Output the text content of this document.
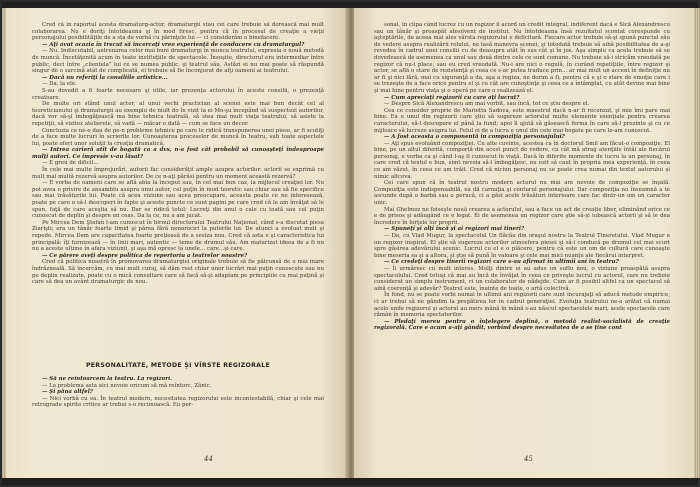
Cred că în raportul acesta dramaturg-actor, dramaturgii stau cei care trebuie să dorească mai mult colaborarea. Nu e doriţi întotdeauna şi în mod firesc, pentru că în procesul de creaţie a vieţii personajului posibilităţile de a sta de vorbă cu părinţele lui — ci considerăm o binefacere.

— Aţi avut ocazia în trecut să încercaţi vreo experienţă de conducere cu dramaturgul?

— Nu. Indiscutabil, antrenarea celor mai buni dramaturgi în munca teatrului, expresia o nouă metodă de muncă. Încetăţenită acum în toate instituţiile de spectacole. Însuşite, directorul era intermediar între public, deci între „clientela” lui ce se numea public, şi teatrul său. Astăzi ei nu mai poate să răspundă singur de o sarcină atât de complicată, ei trebuie să fie înconjurat de alţi oameni ai teatrului.

— Dacă nu referiţi la consiliile artistice...

— Da, la ele.

S-au dovedit a fi foarte necesare şi utile, iar prezenţa actorului în aceste consilii, o prezenţă creatoare.

De multe ori stând unul actor, al unui vechi practician al scenei este mai bun decât cel al teoreticianului şi dramaturgii au exemplu de mult do în vizit la ei Mo-şu începând să suspectezi autorilor, dacă vor să-şi îmbogăţească ma bine tehnica teatrală, să stea mai mult viaţa teatrului, să asiste la repetiţii, să vizitez atelierele, să vadă — măcar o dată — cum se face un decor.

Concluzia ce ne-o dau de pe-n probleme tehnice pe care le ridică transpunerea unei piese, ar fi scutiţi de a face multe lucruri în scrierile lor. Cunoaşterea proceselor de muncă în teatru, sub toate aspectele lui, poate oferi unor soluţii la creaţia dramatică.

— Intrea carieră atît de bogată ca a dvs, n-a fost cât probabil să cunoaşteţi îndeaproape mulţi autori. Ce impresie v-au lăsat?

— E greu de dificil...

În cele mai multe împrejurări, autorii fac considerăţii ample asupra actorilor: actorii se exprimă cu mult mai multă rezervă asupra autorilor. De ce n-aţi părăsi pentru un moment această rezervă?

— E vorba de oameni care se află abia la început sau, în cel mai bun caz, la mijlocul creaţiei lor. Nu pot avea o privire de ansamblu asupra unui autor, cel puţin în mod teoretic sau chiar sau să fie specifice sau mai trăsăturile lui. Poate că acea viziune sau acea preocupare, aceasta poate ce ne interesează, poate pe care o să-l descoperi în fapte şi aceste puncte ce sunt pagini pe care cred că le am învăţat să le spun, faţă de care aceştia să nu. Dar se ridică totul: Lucreţi din anul o cale cu toată sau cel puţin cunoscut de deplin şi despre un ceas. Da la ce, nu a am jucat.

Pe Mircea Dem Ştefan l-am cunoscut în biroul directorului Teatrului Naţional, când s-a discutat piesa Ziarişti; era un tânăr foarte timid şi părea fără nenorociri la puterile lui. De atunci a evoluat mult şi repede. Mircea Dem are capacitatea foarte preţioasă de a sesiza nou. Cred că asta e şi caracteristica lui principală: îţi furnizează — în linii mari, autentic — teme de drumul său. Am maturizat ideea de a fi nu nu a aceste ultime în afara viziunii, şi aşa mă opresc la unele... care...şi care.

— Ce părere aveţi despre politica de repertoriu a teatrelor noastre?

Cred că politica noastră în promovarea dramaturgiei originale trebuie să fie pătrunsă de o mai mare îndrăzneală. Să încercăm, cu mai mult curaj, să dăm rost chiar unor lucrări mai puţin cunoscute sau nu pe deplin realizate, poate cu o mică consultare care să facă să-şi adaptam pe principiile cu mai puţină şi care să dea un avânt dramaturgic de nou.

PERSONALITATE, METODE ŞI VÎRSTE REGIZORALE

— Să ne reîntoarcem la teatru. La regizori.

— La problema asta aici nevoie oricum să mă reîntorc, Zânic.

— Şi păna altfel?

— Nici vorbă cu ea. În teatrul modern, necesitatea regizorului este incontestabilă, chiar şi cele mai retrograde spirite critice ar trebui s-o recunoască. Eu per-

44

sonal, în clipa când lucrez cu un regizor îi acord un credit integral, indiferent dacă e Sică Alexandrescu sau un tânăr şi proaspăt absolvent de institut. Nu întotdeauna însă rezultatul scontat corespunde cu aşteptările, de aceea mai ales vârsta regizorului e deficitară. Fiecare actor trebuie să-şi spună punctul său de vedere asupra realizării rolului, ne lasă manevra scenei, şi totodată trebuie să aibă posibilitatea de a-şi revedea în cadrul unei consilii cu de deasupra atât în sus cât şi în jos. Aşa simplu ca acela trebuie să se dovedească de asemenea ca unul sau două dintre cele ce sunt comune. Nu trebuie să-i stricăm vreodată pe regizor că nu-i place, sau eu cred vreodată. Nu-i are nici o regulă, în curând repetiţiile, între regizor şi actor, se află o stare de rezistenţă şi ceea ce s-ar putea traduce prin... ar mai mult un accent în definiţie nu ar fi şi nici fără, mai cu siguranţă a da, aşa a regiza, ne dorim a fi, pentru că e şi o stare de emoţie care i se trezeşte de a face orice pentru el şi cu cât are cunoştinţe şi ceea ce a întâmplat, cu atât devine mai bine şi mai bine pentru viaţa şi o operă pe care o realizează el.

— Cum apreciaţi regizorii cu care aţi lucrat?

— Despre Sică Alexandrescu am mai vorbit, sau încă, tot ce ştiu despre el.

Cea ce consider proprie de Marietta Sadova, este maestrul dacă n-ar fi recenzat, şi mie îmi pare mai bine. Ea e unul din regizorii care ştiu să sugereze actorului multe elemente esenţiale pentru crearea caracterului, să-l descopere el până la fund; apoi îl ajută să găsească forma în care să-l prezinte şi cu ce mijloace să lucreze asupra lui. Felul ei de a lucra e unul din cele mai bogate pe care le-am cunoscut.

— A fost aceasta o componentă în compoziţia personajului?

— Aţi spus evoluând compoziţiei. Cu alte cuvinte, acestea ca în doctorul Smil am făcut-o compoziţie. El bine, pe un altul diferită, comportă din acest punct de vedere, cu cât mă atrag atenţiile întâi ale fiecărui personaj, e vorba ca şi când l-aş fi cunoscut în viaţă. Dacă în diferite momente de lucru la un personaj, în care cred că textul e bun, simt nevoia să-l îmbogăţesc, nu ezit să caut în propria mea experienţă, în ceea ce am văzut, în ceea ce am trăit. Cred că niciun personaj nu se poate crea numai din textul autorului şi nimic altceva.

Cei care spun că în teatrul nostru modern actorul nu mai are nevoie de compoziţie se înşală. Compoziţia este indispensabilă, ea dă carnaţia şi conturul personajului. Dar compoziţia nu înseamnă a te ascunde după o barbă sau o perucă, ci a găsi acele trăsături interioare care fac dintr-un om un caracter unic.

Mai Ghelmez ne foiseşte nouă crearea a actorului, sau a face un act de creaţie liber, eliminând orice ce e de prisos şi adăugând ce e legat. Ei de asemenea un regizor care ştie să-şi iubească actorii şi să le dea încredere în forţele lor proprii.

— Spuneţi şi alţi încă şi ai regizori mai tineri?

— Da, cu Vlad Mugur, la spectacolul Un flăcău din oraşul nostru la Teatrul Tineretului. Vlad Mugur e un regizor inspirat. El ştie să sugereze actorilor atmosfera piesei şi să-i conducă pe drumul cel mai scurt spre găsirea adevărului scenic. Lucrul cu el e o plăcere, pentru că este un om de cultură care cunoaşte bine meseria sa şi a altora, şi ştie să pună în valoare şi cele mai mici nuanţe ale fiecărui interpret.

— Ce credeţi despre tinerii regizori care s-au afirmat în ultimii ani în teatru?

— Îi urmăresc cu mult interes. Mulţi dintre ei au adus un suflu nou, o viziune proaspătă asupra spectacolului. Cred totuşi că mai au încă de învăţat în ceea ce priveşte lucrul cu actorul, care nu trebuie considerat un simplu instrument, ci un colaborator de nădejde. Cum ar fi posibil altfel ca un spectacol să aibă coerenţă şi adevăr? Teatrul este, înainte de toate, o artă colectivă.

În fond, nu se poate vorbi numai în ultimii ani regizorii care sunt încurajaţi să aducă metode empirice, ci ar trebui să ne gândim la pregătirea lor în cadrul generaţiei. Evoluţia teatrului ne-a arătat că numai acolo unde regizorul şi actorul au mers mână în mână s-au născut spectacolele mari, acele spectacole care rămân în memoria spectatorilor.

— Pledaţi mereu pentru o înţelegere deplină, o metodă realist-socialistă de creaţie regizorală. Care e acum a-aţi gândit, vorbind despre necesitatea de a se ţine cont

45
